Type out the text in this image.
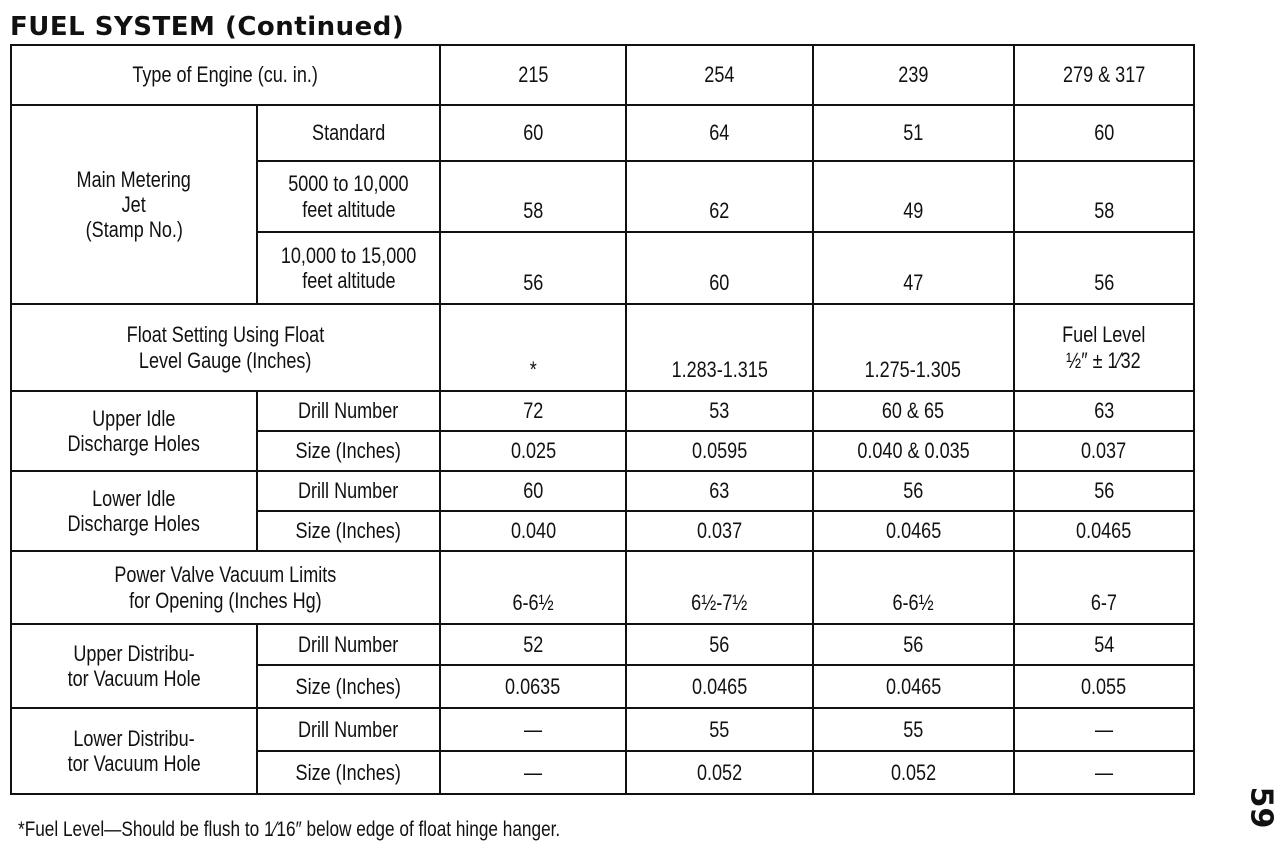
FUEL SYSTEM (Continued)
Type of Engine (cu. in.)		215	254	239	279 & 317
Main Metering
Jet
(Stamp No.)	Standard	60	64	51	60
	5000 to 10,000
feet altitude	58	62	49	58
	10,000 to 15,000
feet altitude	56	60	47	56
Float Setting Using Float
Level Gauge (Inches)		*	1.283-1.315	1.275-1.305	Fuel Level
½″ ± 1⁄32
Upper Idle
Discharge Holes	Drill Number	72	53	60 & 65	63
	Size (Inches)	0.025	0.0595	0.040 & 0.035	0.037
Lower Idle
Discharge Holes	Drill Number	60	63	56	56
	Size (Inches)	0.040	0.037	0.0465	0.0465
Power Valve Vacuum Limits
for Opening (Inches Hg)		6-6½	6½-7½	6-6½	6-7
Upper Distribu-
tor Vacuum Hole	Drill Number	52	56	56	54
	Size (Inches)	0.0635	0.0465	0.0465	0.055
Lower Distribu-
tor Vacuum Hole	Drill Number	—	55	55	—
	Size (Inches)	—	0.052	0.052	—

*Fuel Level—Should be flush to 1⁄16″ below edge of float hinge hanger.

59
